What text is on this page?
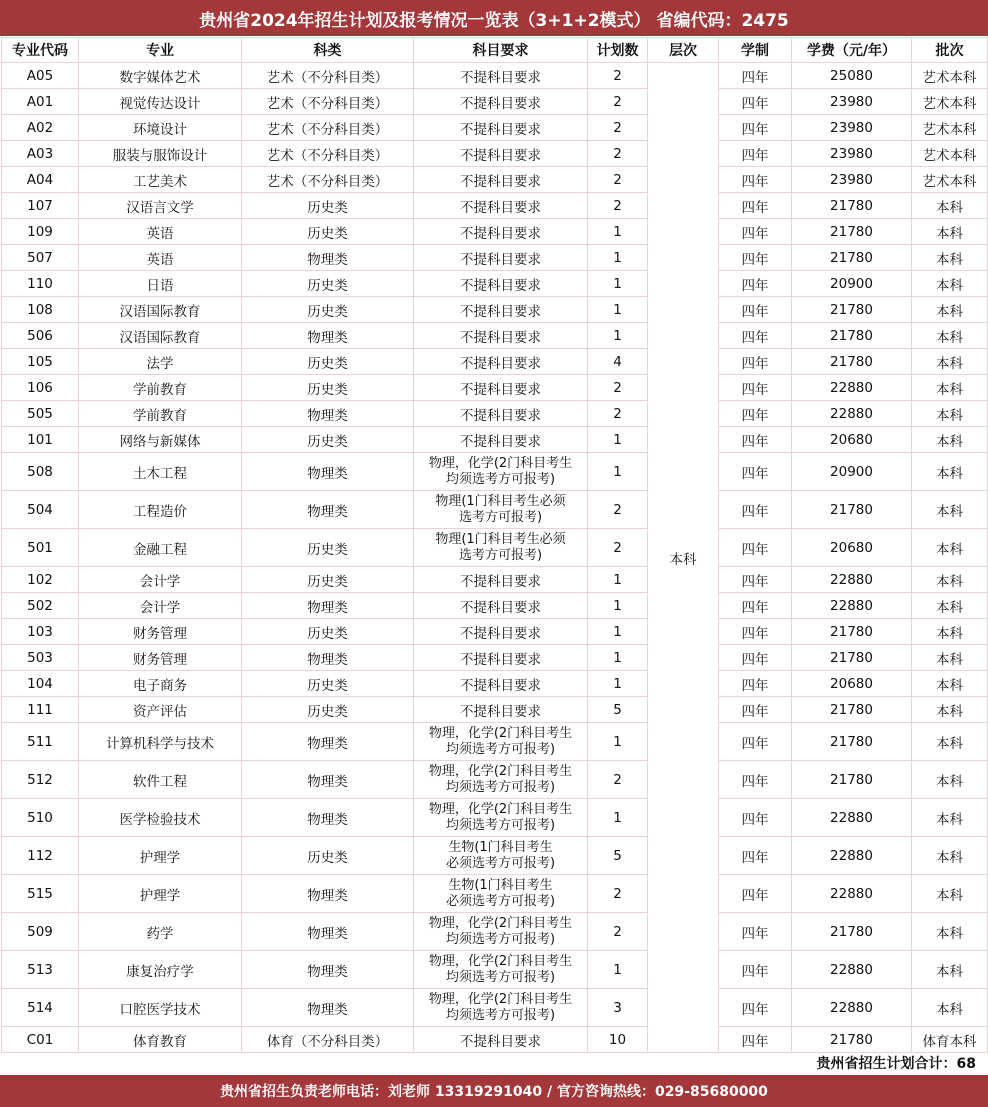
贵州省2024年招生计划及报考情况一览表（3+1+2模式） 省编代码：2475
专业代码	专业	科类	科目要求	计划数	层次	学制	学费（元/年）	批次
A05	数字媒体艺术	艺术（不分科目类）	不提科目要求	2	本科	四年	25080	艺术本科
A01	视觉传达设计	艺术（不分科目类）	不提科目要求	2		四年	23980	艺术本科
A02	环境设计	艺术（不分科目类）	不提科目要求	2		四年	23980	艺术本科
A03	服装与服饰设计	艺术（不分科目类）	不提科目要求	2		四年	23980	艺术本科
A04	工艺美术	艺术（不分科目类）	不提科目要求	2		四年	23980	艺术本科
107	汉语言文学	历史类	不提科目要求	2		四年	21780	本科
109	英语	历史类	不提科目要求	1		四年	21780	本科
507	英语	物理类	不提科目要求	1		四年	21780	本科
110	日语	历史类	不提科目要求	1		四年	20900	本科
108	汉语国际教育	历史类	不提科目要求	1		四年	21780	本科
506	汉语国际教育	物理类	不提科目要求	1		四年	21780	本科
105	法学	历史类	不提科目要求	4		四年	21780	本科
106	学前教育	历史类	不提科目要求	2		四年	22880	本科
505	学前教育	物理类	不提科目要求	2		四年	22880	本科
101	网络与新媒体	历史类	不提科目要求	1		四年	20680	本科
508	土木工程	物理类	物理，化学(2门科目考生
均须选考方可报考)	1		四年	20900	本科
504	工程造价	物理类	物理(1门科目考生必须
选考方可报考)	2		四年	21780	本科
501	金融工程	历史类	物理(1门科目考生必须
选考方可报考)	2		四年	20680	本科
102	会计学	历史类	不提科目要求	1		四年	22880	本科
502	会计学	物理类	不提科目要求	1		四年	22880	本科
103	财务管理	历史类	不提科目要求	1		四年	21780	本科
503	财务管理	物理类	不提科目要求	1		四年	21780	本科
104	电子商务	历史类	不提科目要求	1		四年	20680	本科
111	资产评估	历史类	不提科目要求	5		四年	21780	本科
511	计算机科学与技术	物理类	物理，化学(2门科目考生
均须选考方可报考)	1		四年	21780	本科
512	软件工程	物理类	物理，化学(2门科目考生
均须选考方可报考)	2		四年	21780	本科
510	医学检验技术	物理类	物理，化学(2门科目考生
均须选考方可报考)	1		四年	22880	本科
112	护理学	历史类	生物(1门科目考生
必须选考方可报考)	5		四年	22880	本科
515	护理学	物理类	生物(1门科目考生
必须选考方可报考)	2		四年	22880	本科
509	药学	物理类	物理，化学(2门科目考生
均须选考方可报考)	2		四年	21780	本科
513	康复治疗学	物理类	物理，化学(2门科目考生
均须选考方可报考)	1		四年	22880	本科
514	口腔医学技术	物理类	物理，化学(2门科目考生
均须选考方可报考)	3		四年	22880	本科
C01	体育教育	体育（不分科目类）	不提科目要求	10		四年	21780	体育本科
贵州省招生计划合计：68
贵州省招生负责老师电话：刘老师 13319291040 / 官方咨询热线：029-85680000
